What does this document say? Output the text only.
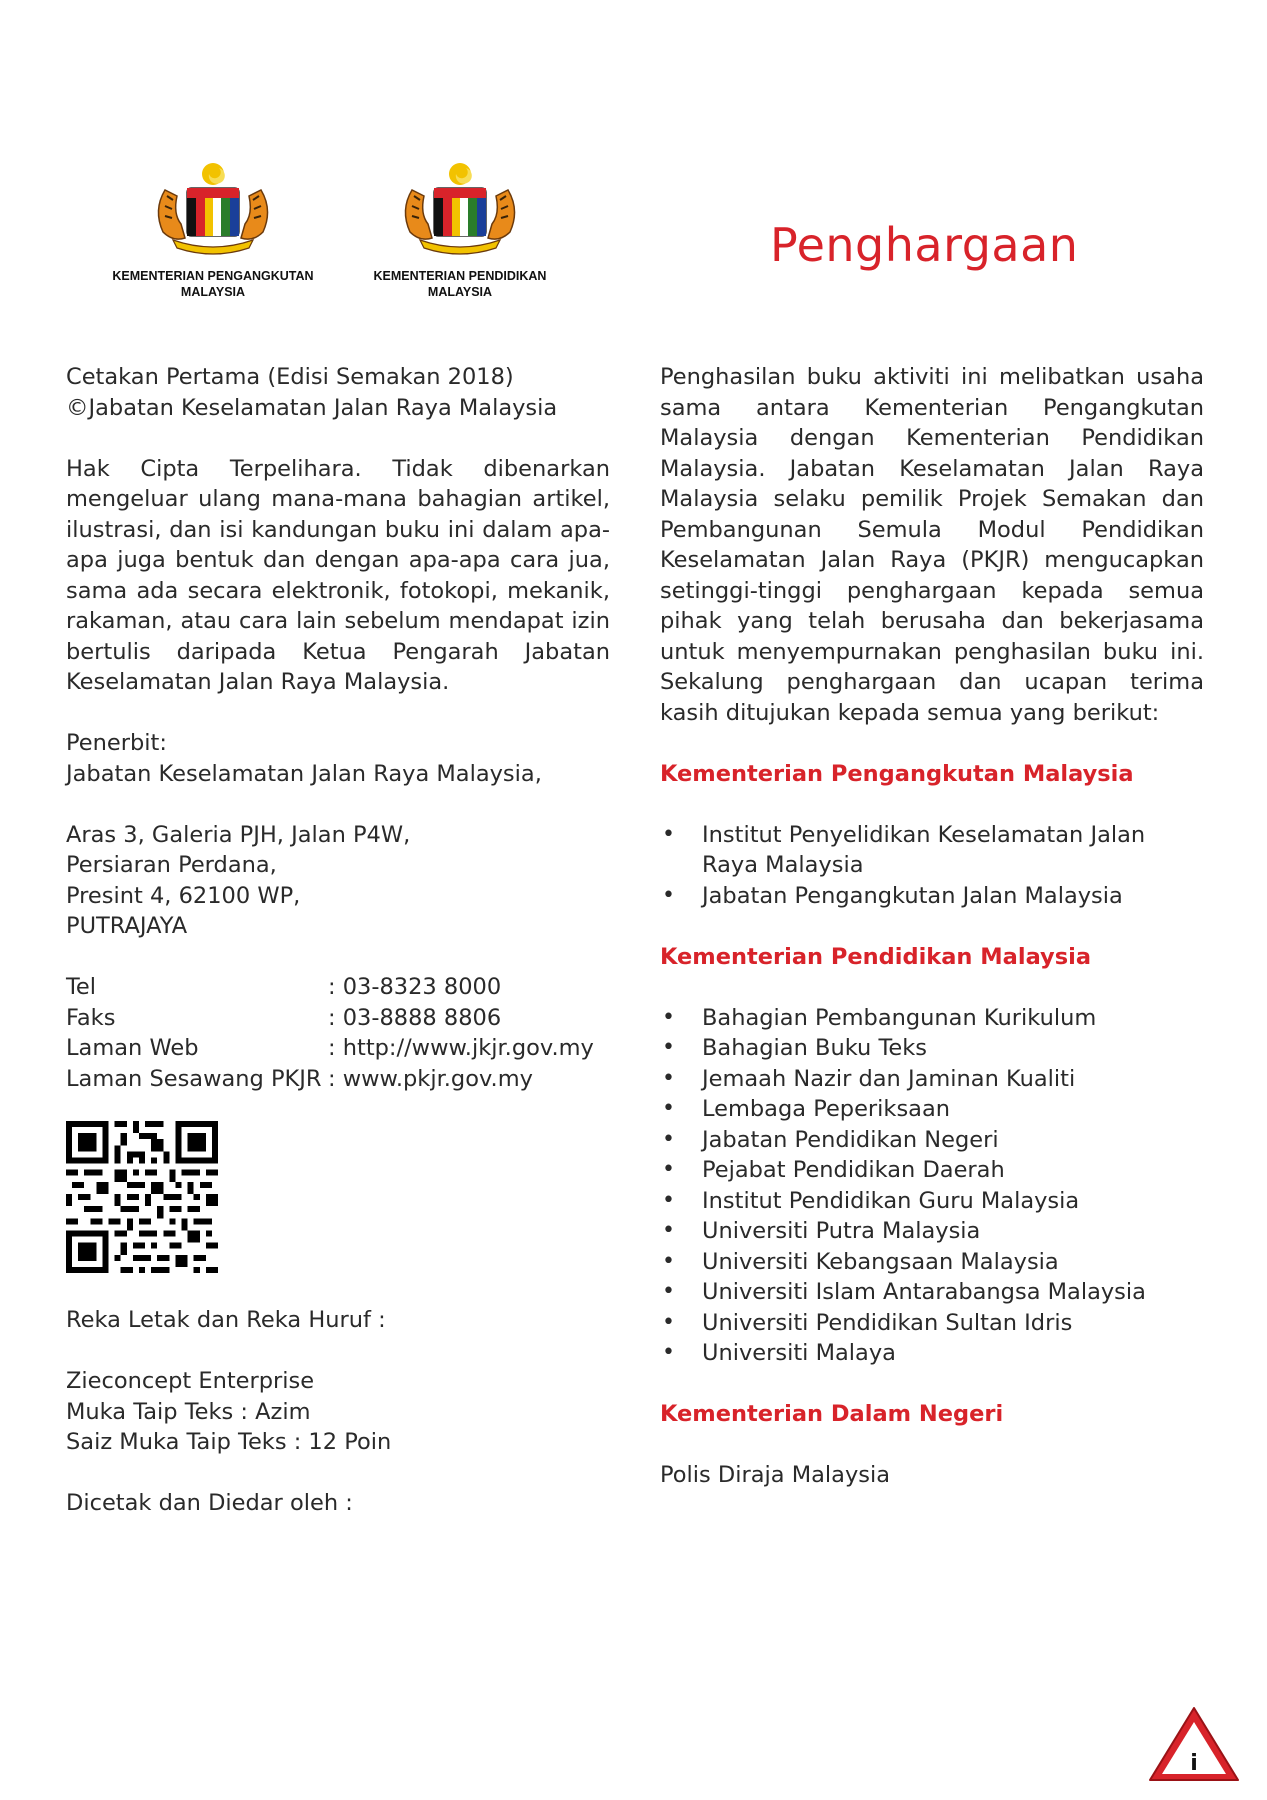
KEMENTERIAN PENGANGKUTAN
MALAYSIA
KEMENTERIAN PENDIDIKAN
MALAYSIA
Penghargaan

Cetakan Pertama (Edisi Semakan 2018)

©Jabatan Keselamatan Jalan Raya Malaysia

Hak Cipta Terpelihara. Tidak dibenarkan mengeluar ulang mana-mana bahagian artikel, ilustrasi, dan isi kandungan buku ini dalam apa-apa juga bentuk dan dengan apa-apa cara jua, sama ada secara elektronik, fotokopi, mekanik, rakaman, atau cara lain sebelum mendapat izin bertulis daripada Ketua Pengarah Jabatan Keselamatan Jalan Raya Malaysia.

Penerbit:

Jabatan Keselamatan Jalan Raya Malaysia,

Aras 3, Galeria PJH, Jalan P4W,

Persiaran Perdana,

Presint 4, 62100 WP,

PUTRAJAYA

Tel	: 03-8323 8000
Faks	: 03-8888 8806
Laman Web	: http://www.jkjr.gov.my
Laman Sesawang PKJR : www.pkjr.gov.my

Reka Letak dan Reka Huruf :

Zieconcept Enterprise

Muka Taip Teks : Azim

Saiz Muka Taip Teks : 12 Poin

Dicetak dan Diedar oleh :

Penghasilan buku aktiviti ini melibatkan usaha sama antara Kementerian Pengangkutan Malaysia dengan Kementerian Pendidikan Malaysia. Jabatan Keselamatan Jalan Raya Malaysia selaku pemilik Projek Semakan dan Pembangunan Semula Modul Pendidikan Keselamatan Jalan Raya (PKJR) mengucapkan setinggi-tinggi penghargaan kepada semua pihak yang telah berusaha dan bekerjasama untuk menyempurnakan penghasilan buku ini. Sekalung penghargaan dan ucapan terima kasih ditujukan kepada semua yang berikut:

Kementerian Pengangkutan Malaysia

• Institut Penyelidikan Keselamatan Jalan Raya Malaysia
• Jabatan Pengangkutan Jalan Malaysia

Kementerian Pendidikan Malaysia

• Bahagian Pembangunan Kurikulum
• Bahagian Buku Teks
• Jemaah Nazir dan Jaminan Kualiti
• Lembaga Peperiksaan
• Jabatan Pendidikan Negeri
• Pejabat Pendidikan Daerah
• Institut Pendidikan Guru Malaysia
• Universiti Putra Malaysia
• Universiti Kebangsaan Malaysia
• Universiti Islam Antarabangsa Malaysia
• Universiti Pendidikan Sultan Idris
• Universiti Malaya

Kementerian Dalam Negeri

Polis Diraja Malaysia

i
